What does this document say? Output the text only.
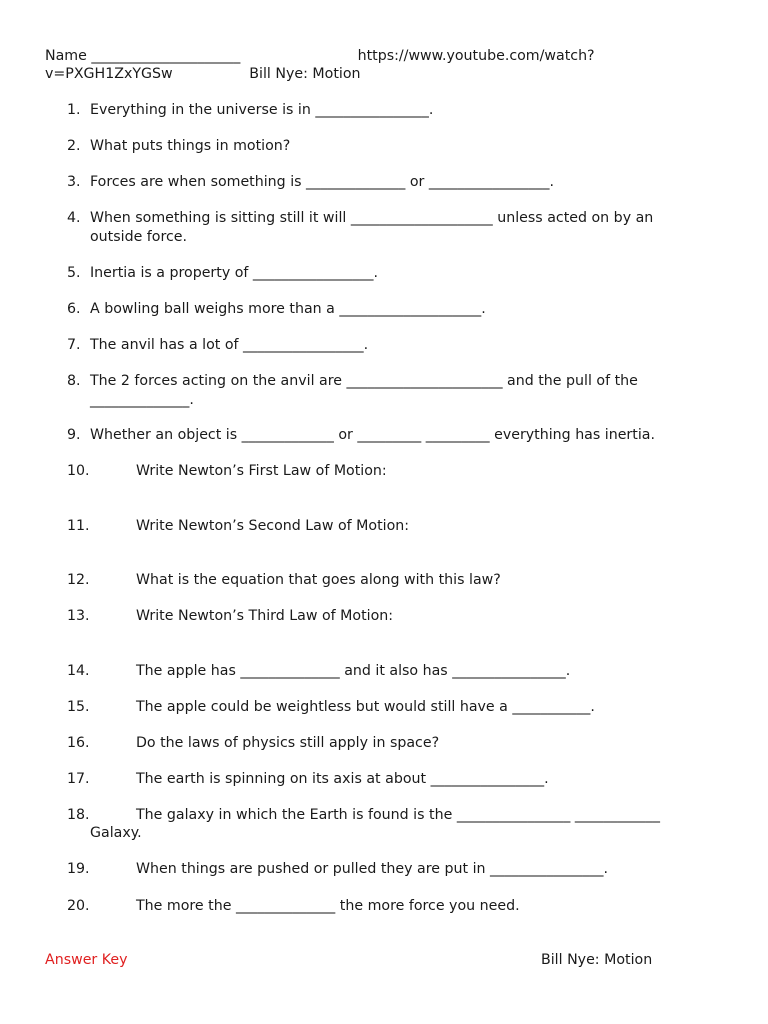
Name _____________________                          https://www.youtube.com/watch?
v=PXGH1ZxYGSw                 Bill Nye: Motion
1. Everything in the universe is in ________________.
2. What puts things in motion?
3. Forces are when something is ______________ or _________________.
4. When something is sitting still it will ____________________ unless acted on by an
outside force.
5. Inertia is a property of _________________.
6. A bowling ball weighs more than a ____________________.
7. The anvil has a lot of _________________.
8. The 2 forces acting on the anvil are ______________________ and the pull of the
______________.
9. Whether an object is _____________ or _________ _________ everything has inertia.
10.	Write Newton’s First Law of Motion:
11.	Write Newton’s Second Law of Motion:
12.	What is the equation that goes along with this law?
13.	Write Newton’s Third Law of Motion:
14.	The apple has ______________ and it also has ________________.
15.	The apple could be weightless but would still have a ___________.
16.	Do the laws of physics still apply in space?
17.	The earth is spinning on its axis at about ________________.
18.	The galaxy in which the Earth is found is the ________________ ____________
Galaxy.
19.	When things are pushed or pulled they are put in ________________.
20.	The more the ______________ the more force you need.
Answer Key	Bill Nye: Motion
